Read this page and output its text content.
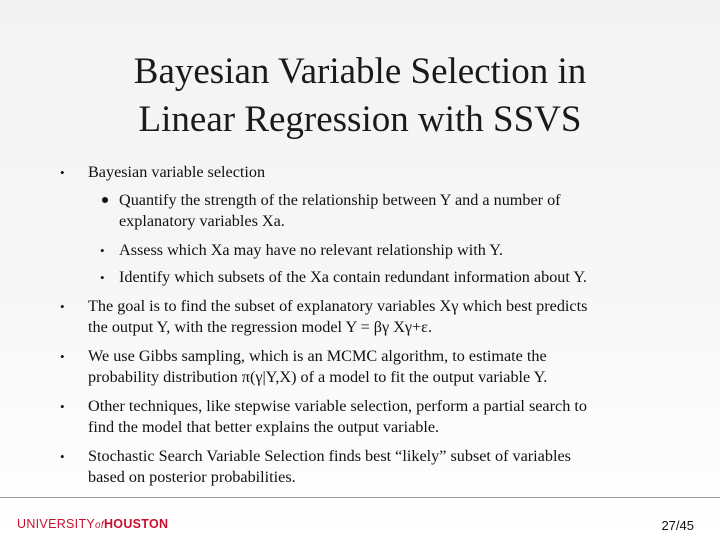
Bayesian Variable Selection in
Linear Regression with SSVS
• Bayesian variable selection
Quantify the strength of the relationship between Y and a number of
explanatory variables Xa.
• Assess which Xa may have no relevant relationship with Y.
• Identify which subsets of the Xa contain redundant information about Y.
• The goal is to find the subset of explanatory variables Xγ which best predicts
the output Y, with the regression model Y = βγ Xγ+ε.
• We use Gibbs sampling, which is an MCMC algorithm, to estimate the
probability distribution π(γ|Y,X) of a model to fit the output variable Y.
• Other techniques, like stepwise variable selection, perform a partial search to
find the model that better explains the output variable.
• Stochastic Search Variable Selection finds best “likely” subset of variables
based on posterior probabilities.
UNIVERSITYofHOUSTON	27/45
